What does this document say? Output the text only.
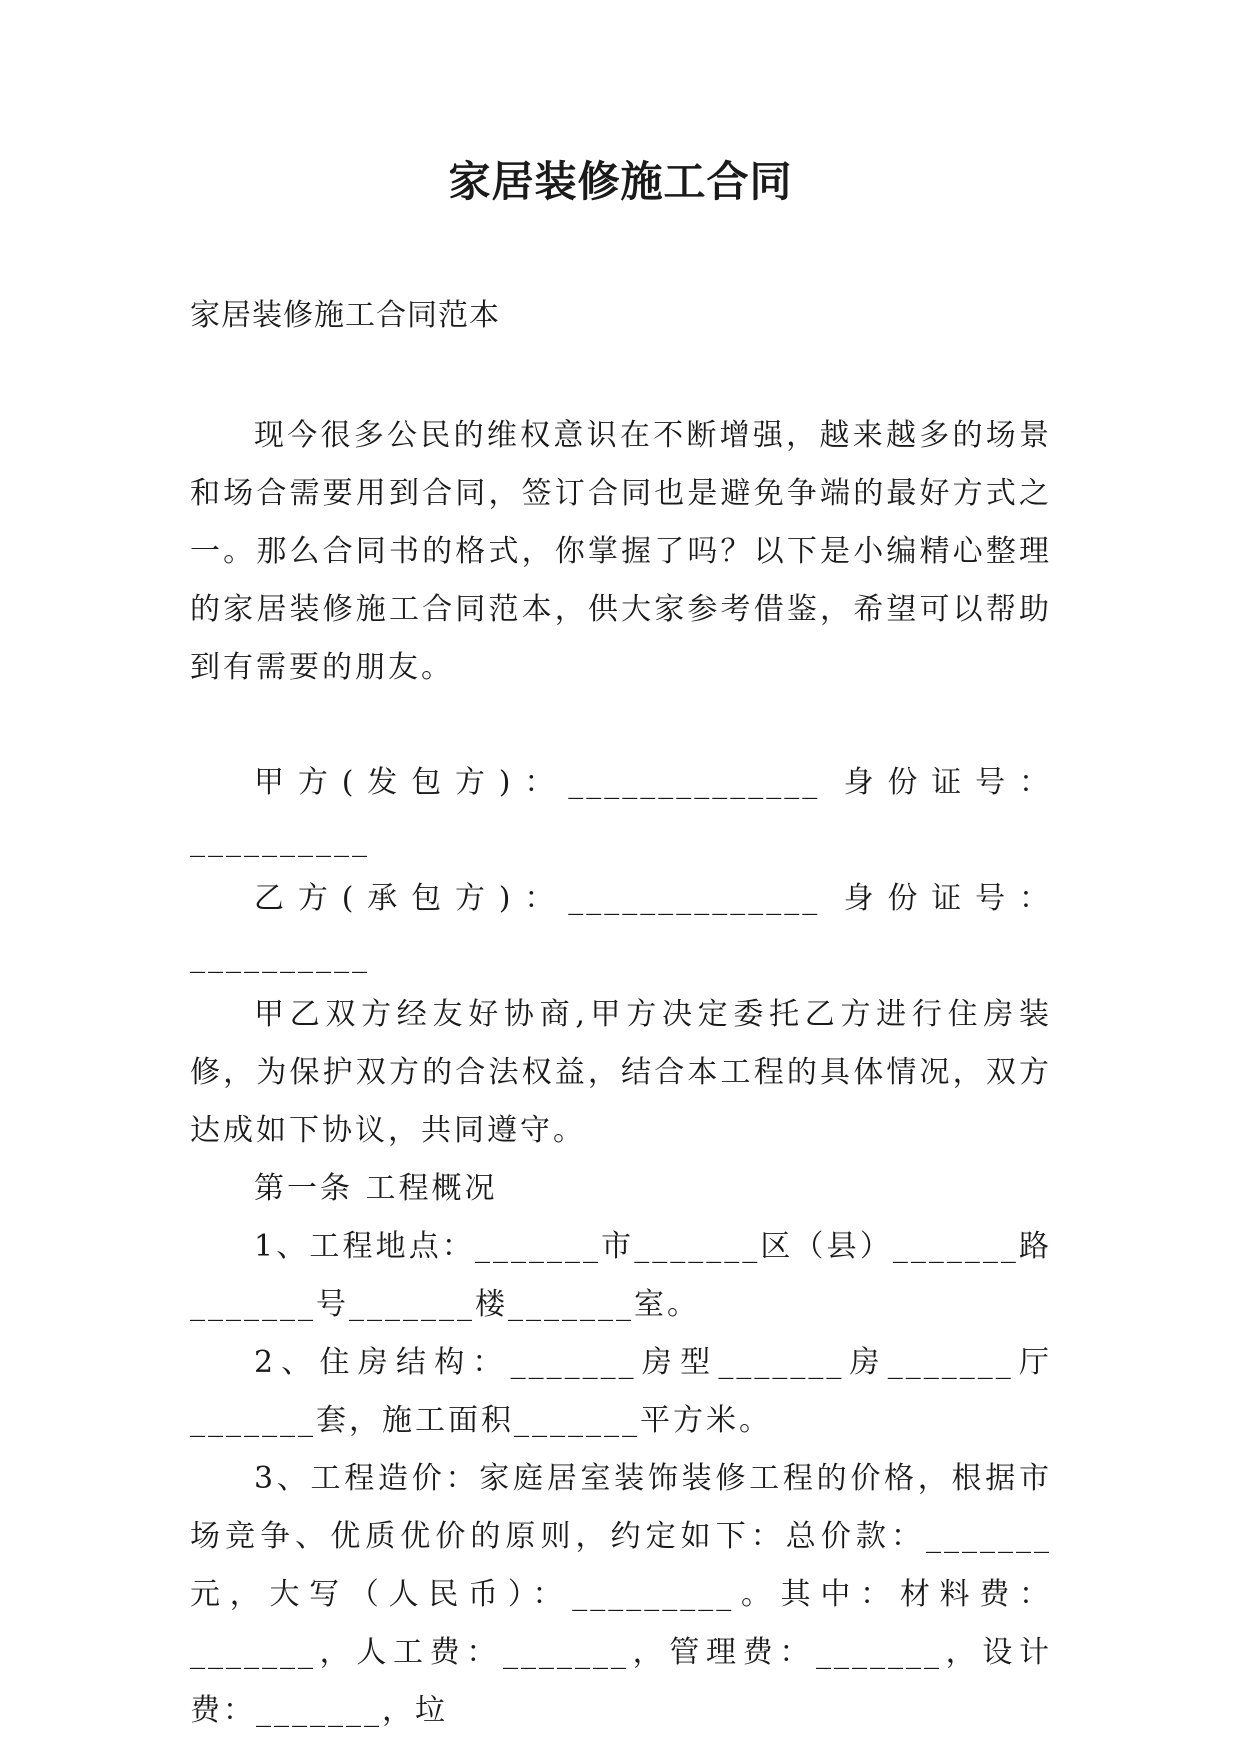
家居装修施工合同

家居装修施工合同范本

现今很多公民的维权意识在不断增强，越来越多的场景和场合需要用到合同，签订合同也是避免争端的最好方式之一。那么合同书的格式，你掌握了吗？以下是小编精心整理的家居装修施工合同范本，供大家参考借鉴，希望可以帮助到有需要的朋友。

甲方(发包方)：______________ 身份证号：__________

乙方(承包方)：______________ 身份证号：__________

甲乙双方经友好协商,甲方决定委托乙方进行住房装修，为保护双方的合法权益，结合本工程的具体情况，双方达成如下协议，共同遵守。

第一条 工程概况

1、工程地点：_______市_______区（县）_______路_______号_______楼_______室。

2、住房结构：_______房型_______房_______厅_______套，施工面积_______平方米。

3、工程造价：家庭居室装饰装修工程的价格，根据市场竞争、优质优价的原则，约定如下：总价款：_______元，大写（人民币）：_________。其中：材料费：_______，人工费：_______，管理费：_______，设计费：_______，垃
